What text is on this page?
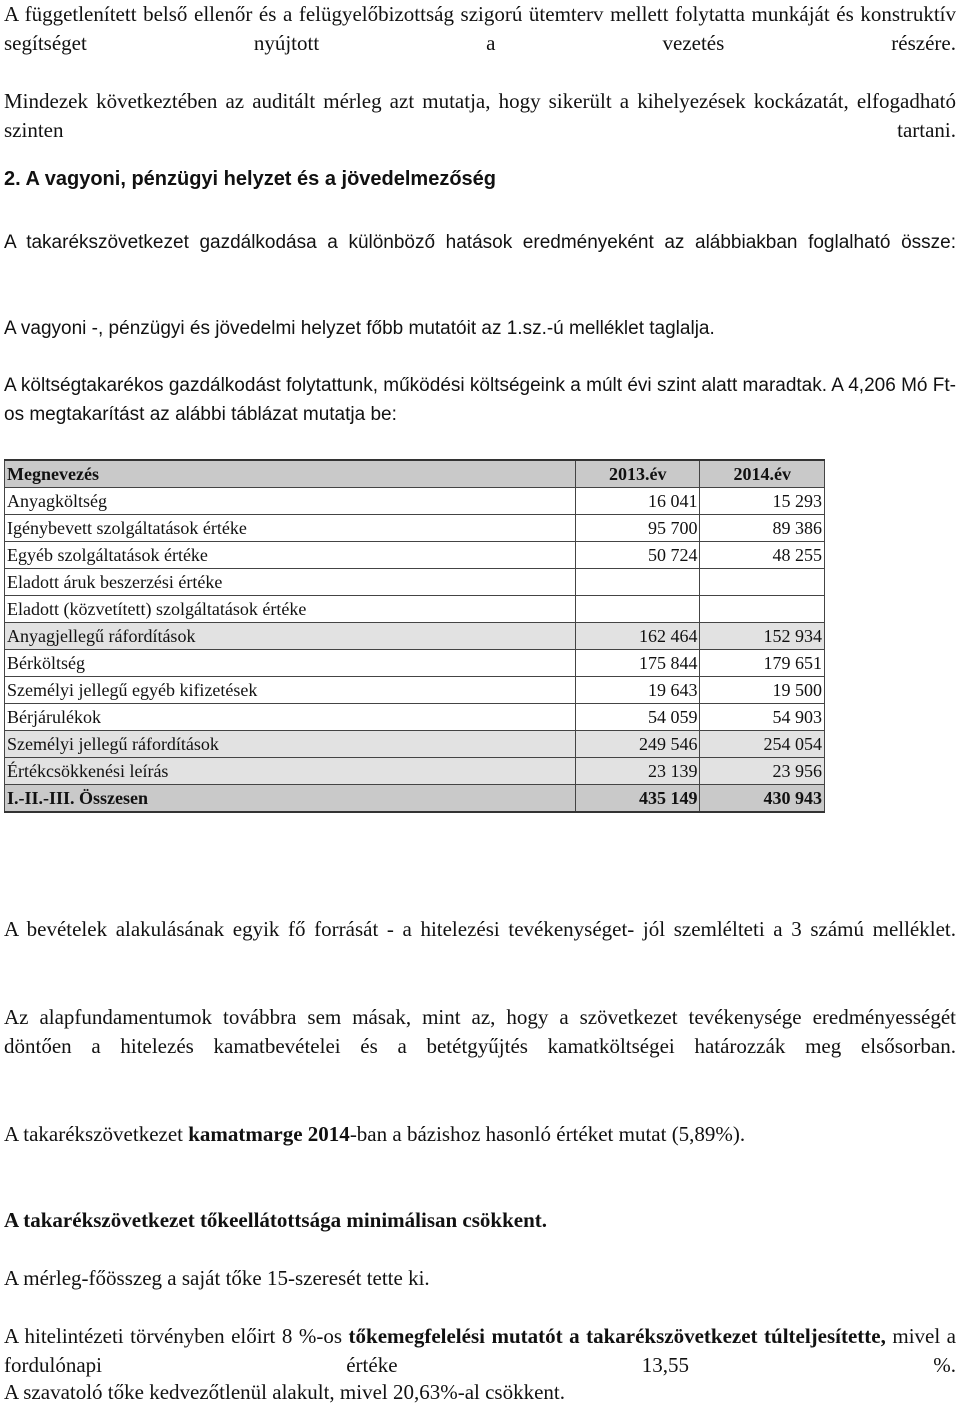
A függetlenített belső ellenőr és a felügyelőbizottság szigorú ütemterv mellett folytatta munkáját és konstruktív segítséget nyújtott a vezetés részére.

Mindezek következtében az auditált mérleg azt mutatja, hogy sikerült a kihelyezések kockázatát, elfogadható szinten tartani.

2. A vagyoni, pénzügyi helyzet és a jövedelmezőség

A takarékszövetkezet gazdálkodása a különböző hatások eredményeként az alábbiakban foglalható össze:

A vagyoni -, pénzügyi és jövedelmi helyzet főbb mutatóit az 1.sz.-ú melléklet taglalja.

A költségtakarékos gazdálkodást folytattunk, működési költségeink a múlt évi szint alatt maradtak. A 4,206 Mó Ft-os megtakarítást az alábbi táblázat mutatja be:

Megnevezés	2013.év	2014.év
Anyagköltség	16 041	15 293
Igénybevett szolgáltatások értéke	95 700	89 386
Egyéb szolgáltatások értéke	50 724	48 255
Eladott áruk beszerzési értéke		
Eladott (közvetített) szolgáltatások értéke		
Anyagjellegű ráfordítások	162 464	152 934
Bérköltség	175 844	179 651
Személyi jellegű egyéb kifizetések	19 643	19 500
Bérjárulékok	54 059	54 903
Személyi jellegű ráfordítások	249 546	254 054
Értékcsökkenési leírás	23 139	23 956
I.-II.-III. Összesen	435 149	430 943

A bevételek alakulásának egyik fő forrását - a hitelezési tevékenységet- jól szemlélteti a 3 számú melléklet.

Az alapfundamentumok továbbra sem másak, mint az, hogy a szövetkezet tevékenysége eredményességét döntően a hitelezés kamatbevételei és a betétgyűjtés kamatköltségei határozzák meg elsősorban.

A takarékszövetkezet kamatmarge 2014-ban a bázishoz hasonló értéket mutat (5,89%).

A takarékszövetkezet tőkeellátottsága minimálisan csökkent.

A mérleg-főösszeg a saját tőke 15-szeresét tette ki.

A hitelintézeti törvényben előirt 8 %-os tőkemegfelelési mutatót a takarékszövetkezet túlteljesítette, mivel a fordulónapi értéke 13,55 %.

A szavatoló tőke kedvezőtlenül alakult, mivel 20,63%-al csökkent.
